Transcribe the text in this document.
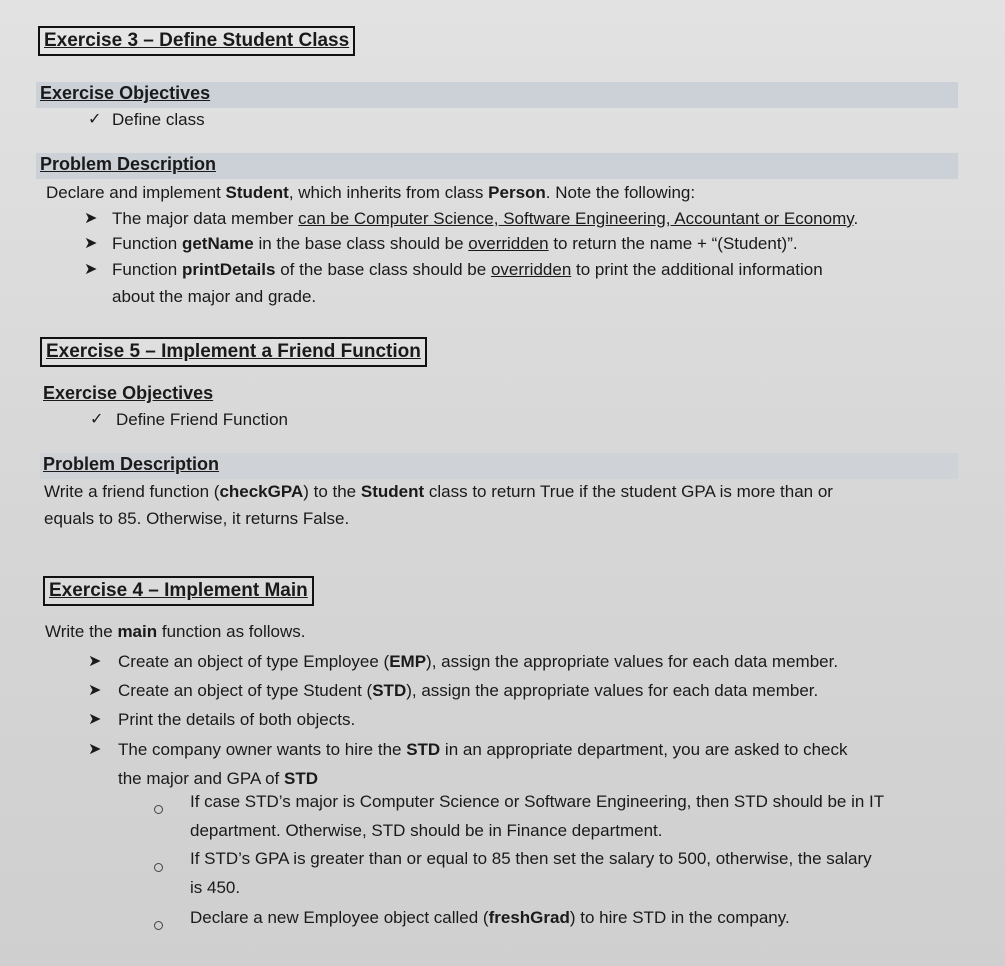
Exercise 3 – Define Student Class
Exercise Objectives
✓ Define class
Problem Description
Declare and implement Student, which inherits from class Person. Note the following:
➤ The major data member can be Computer Science, Software Engineering, Accountant or Economy.
➤ Function getName in the base class should be overridden to return the name + “(Student)”.
➤ Function printDetails of the base class should be overridden to print the additional information
about the major and grade.
Exercise 5 – Implement a Friend Function
Exercise Objectives
✓ Define Friend Function
Problem Description
Write a friend function (checkGPA) to the Student class to return True if the student GPA is more than or
equals to 85. Otherwise, it returns False.
Exercise 4 – Implement Main
Write the main function as follows.
➤ Create an object of type Employee (EMP), assign the appropriate values for each data member.
➤ Create an object of type Student (STD), assign the appropriate values for each data member.
➤ Print the details of both objects.
➤ The company owner wants to hire the STD in an appropriate department, you are asked to check
the major and GPA of STD
If case STD’s major is Computer Science or Software Engineering, then STD should be in IT
department. Otherwise, STD should be in Finance department.
If STD’s GPA is greater than or equal to 85 then set the salary to 500, otherwise, the salary
is 450.
Declare a new Employee object called (freshGrad) to hire STD in the company.
